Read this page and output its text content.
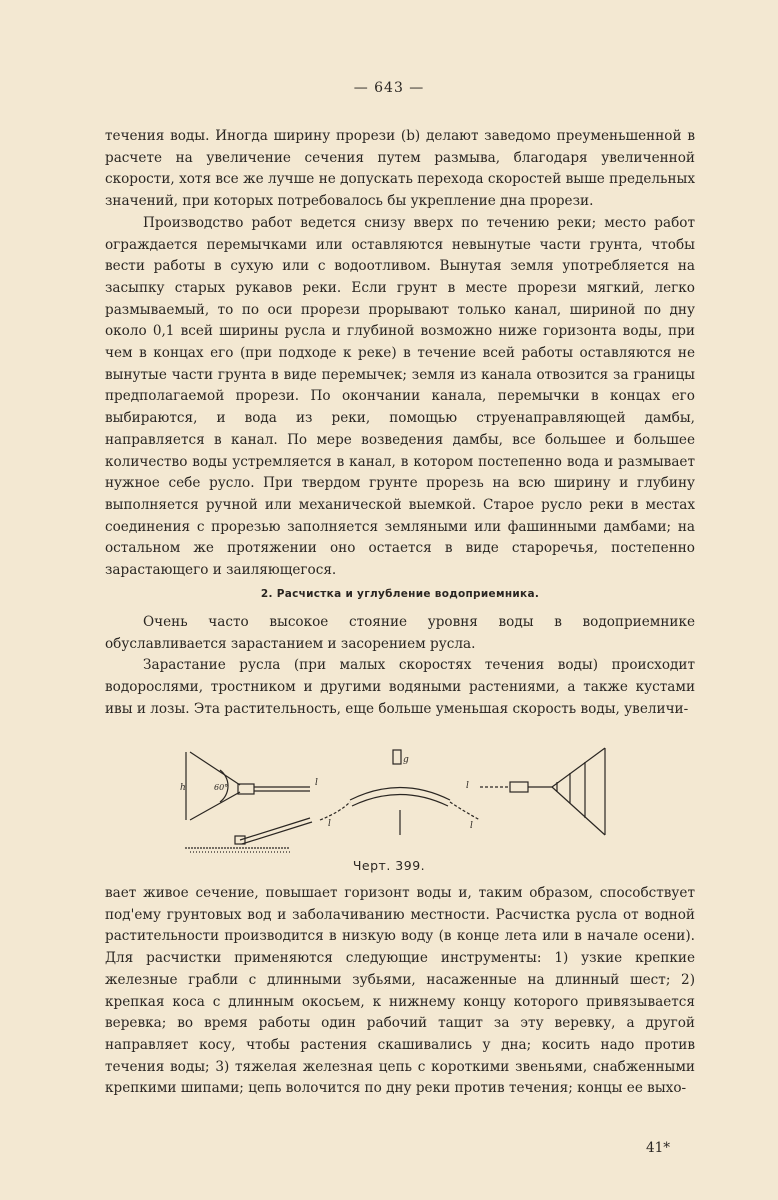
— 643 —

течения воды. Иногда ширину прорези (b) делают заведомо преуменьшенной в расчете на увеличение сечения путем размыва, благодаря увеличенной скорости, хотя все же лучше не допускать перехода скоростей выше предельных значений, при которых потребовалось бы укрепление дна прорези.

Производство работ ведется снизу вверх по течению реки; место работ ограждается перемычками или оставляются невынутые части грунта, чтобы вести работы в сухую или с водоотливом. Вынутая земля употребляется на засыпку старых рукавов реки. Если грунт в месте прорези мягкий, легко размываемый, то по оси прорези прорывают только канал, шириной по дну около 0,1 всей ширины русла и глубиной возможно ниже горизонта воды, при чем в концах его (при подходе к реке) в течение всей работы оставляются не вынутые части грунта в виде перемычек; земля из канала отвозится за границы предполагаемой прорези. По окончании канала, перемычки в концах его выбираются, и вода из реки, помощью струенаправляющей дамбы, направляется в канал. По мере возведения дамбы, все большее и большее количество воды устремляется в канал, в котором постепенно вода и размывает нужное себе русло. При твердом грунте прорезь на всю ширину и глубину выполняется ручной или механической выемкой. Старое русло реки в местах соединения с прорезью заполняется земляными или фашинными дамбами; на остальном же протяжении оно остается в виде староречья, постепенно зарастающего и заиляющегося.

2. Расчистка и углубление водоприемника.

Очень часто высокое стояние уровня воды в водоприемнике обуславливается зарастанием и засорением русла.

Зарастание русла (при малых скоростях течения воды) происходит водорослями, тростником и другими водяными растениями, а также кустами ивы и лозы. Эта растительность, еще больше уменьшая скорость воды, увеличи-

60°
h	l
l	l
l
g
Черт. 399.

вает живое сечение, повышает горизонт воды и, таким образом, способствует под'ему грунтовых вод и заболачиванию местности. Расчистка русла от водной растительности производится в низкую воду (в конце лета или в начале осени). Для расчистки применяются следующие инструменты: 1) узкие крепкие железные грабли с длинными зубьями, насаженные на длинный шест; 2) крепкая коса с длинным окосьем, к нижнему концу которого привязывается веревка; во время работы один рабочий тащит за эту веревку, а другой направляет косу, чтобы растения скашивались у дна; косить надо против течения воды; 3) тяжелая железная цепь с короткими звеньями, снабженными крепкими шипами; цепь волочится по дну реки против течения; концы ее выхо-

41*
